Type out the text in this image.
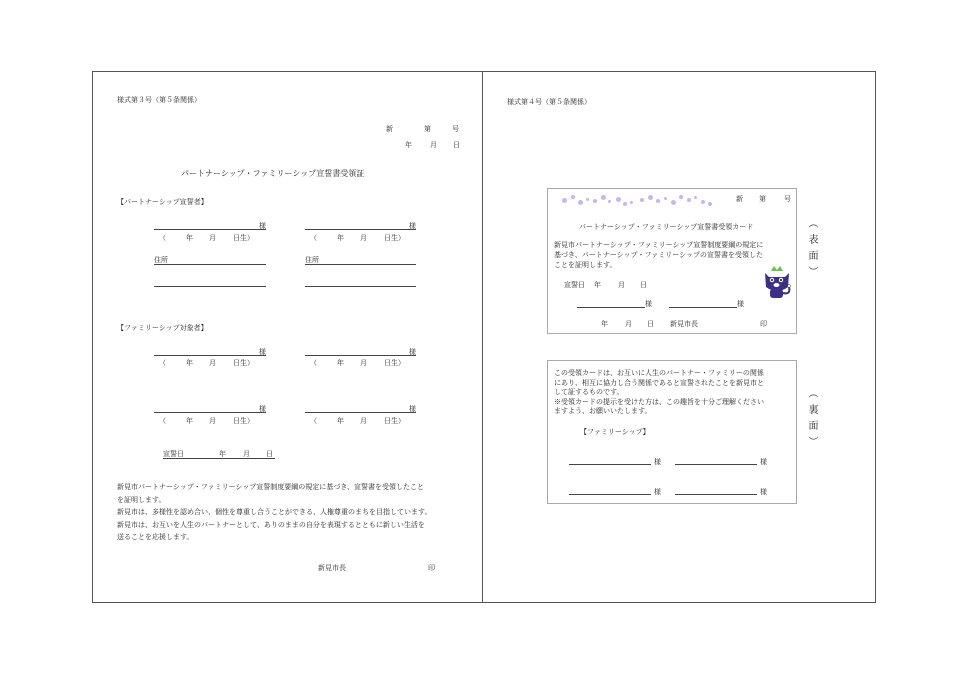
様式第３号（第５条関係）
新	第	号
年	月 日
パートナーシップ・ファミリーシップ宣誓書受領証
【パートナーシップ宣誓者】
様	様
（	年 月 日生）	（	年 月 日生）
住所	住所
【ファミリーシップ対象者】
様	様
（	年 月 日生）	（	年 月 日生）
様	様
（	年 月 日生）	（	年 月 日生）
宣誓日	年 月 日
新見市パートナーシップ・ファミリーシップ宣誓制度要綱の規定に基づき、宣誓書を受領したこと
を証明します。
新見市は、多様性を認め合い、個性を尊重し合うことができる、人権尊重のまちを目指しています。
新見市は、お互いを人生のパートナーとして、ありのままの自分を表現するとともに新しい生活を
送ることを応援します。
新見市長	印
様式第４号（第５条関係）
新 第	号
パートナーシップ・ファミリーシップ宣誓書受領カード
新見市パートナーシップ・ファミリーシップ宣誓制度要綱の規定に
基づき、パートナーシップ・ファミリーシップの宣誓書を受領した
ことを証明します。
宣誓日 年 月 日
様	様
年 月 日 新見市長	印
（表面）
この受領カードは、お互いに人生のパートナー・ファミリーの関係
にあり、相互に協力し合う関係であると宣誓されたことを新見市と
して証するものです。
※受領カードの提示を受けた方は、この趣旨を十分ご理解ください
ますよう、お願いいたします。
【ファミリーシップ】
様	様
様	様
（裏面）
